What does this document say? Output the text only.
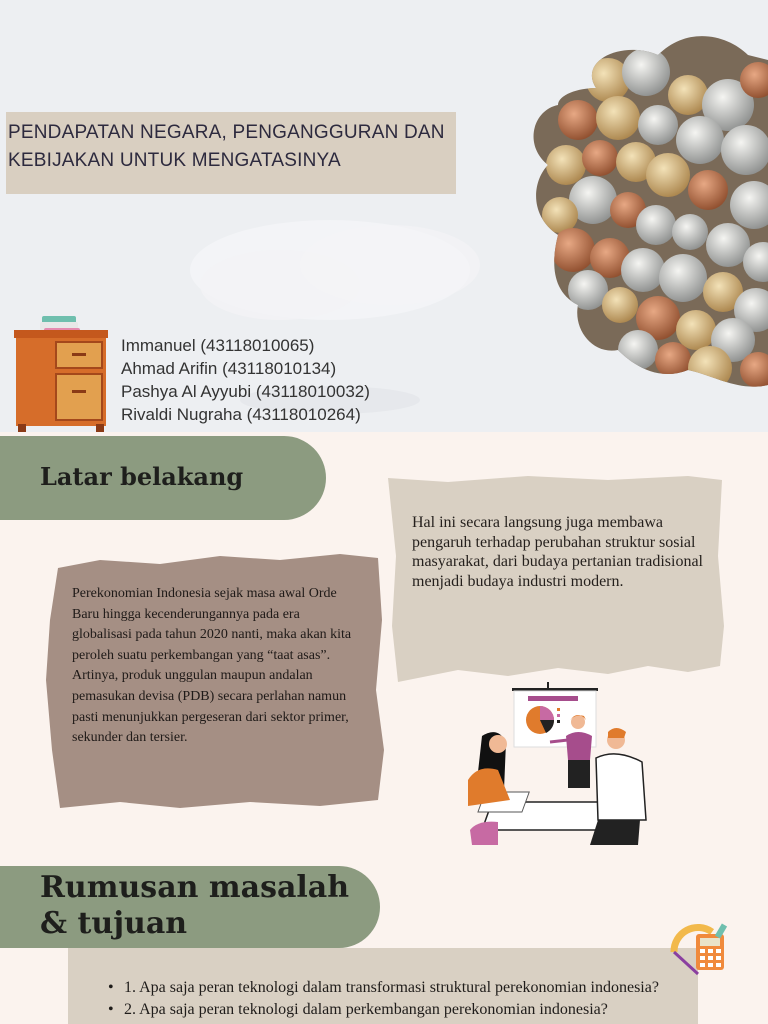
PENDAPATAN NEGARA, PENGANGGURAN DAN KEBIJAKAN UNTUK MENGATASINYA
Immanuel (43118010065)
Ahmad Arifin (43118010134)
Pashya Al Ayyubi (43118010032)
Rivaldi Nugraha (43118010264)
Latar belakang
Perekonomian Indonesia sejak masa awal Orde Baru hingga kecenderungannya pada era globalisasi pada tahun 2020 nanti, maka akan kita peroleh suatu perkembangan yang “taat asas”. Artinya, produk unggulan maupun andalan pemasukan devisa (PDB) secara perlahan namun pasti menunjukkan pergeseran dari sektor primer, sekunder dan tersier.
Hal ini secara langsung juga membawa pengaruh terhadap perubahan struktur sosial masyarakat, dari budaya pertanian tradisional menjadi budaya industri modern.
Rumusan masalah
& tujuan
• 1. Apa saja peran teknologi dalam transformasi struktural perekonomian indonesia?
• 2. Apa saja peran teknologi dalam perkembangan perekonomian indonesia?
